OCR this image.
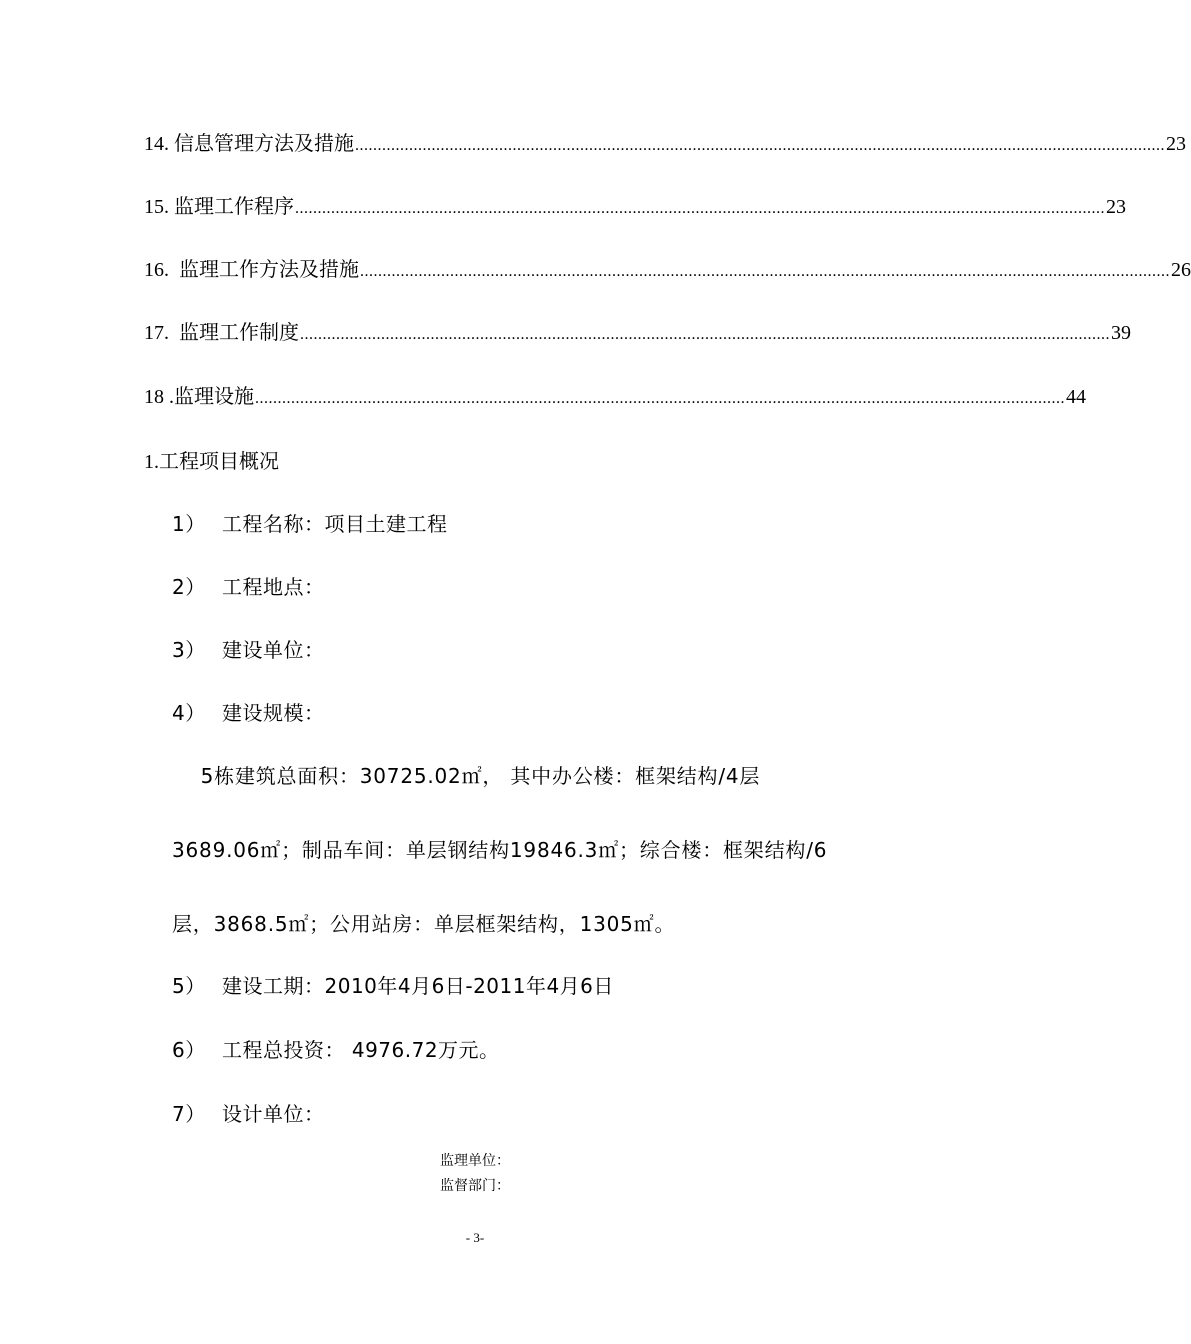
14. 信息管理方法及措施 .................................................................................................................................................................................... 23
15. 监理工作程序 .................................................................................................................................................................................... 23
16.  监理工作方法及措施 .................................................................................................................................................................................... 26
17.  监理工作制度 .................................................................................................................................................................................... 39
18 .监理设施 .................................................................................................................................................................................... 44
1.工程项目概况
1） 工程名称：项目土建工程
2） 工程地点：
3） 建设单位：
4） 建设规模：
5栋建筑总面积：30725.02㎡， 其中办公楼：框架结构/4层
3689.06㎡；制品车间：单层钢结构19846.3㎡；综合楼：框架结构/6
层，3868.5㎡；公用站房：单层框架结构，1305㎡。
5） 建设工期：2010年4月6日-2011年4月6日
6） 工程总投资： 4976.72万元。
7） 设计单位：
监理单位：
监督部门：
- 3-
